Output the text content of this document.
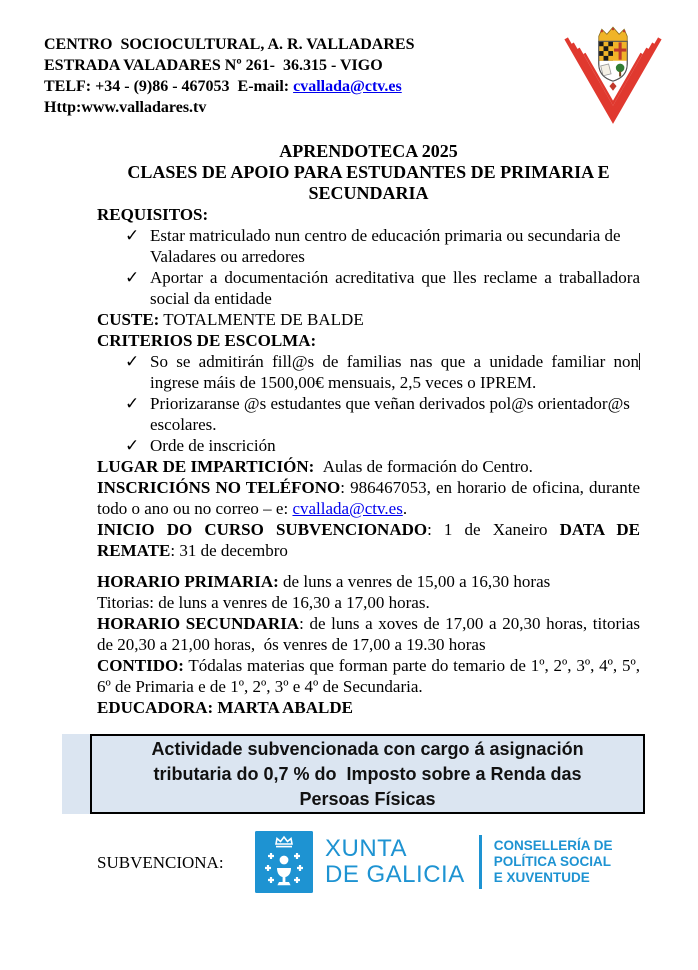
CENTRO  SOCIOCULTURAL, A. R. VALLADARES
ESTRADA VALADARES Nº 261-  36.315 - VIGO
TELF: +34 - (9)86 - 467053  E-mail: cvallada@ctv.es
Http:www.valladares.tv

APRENDOTECA 2025

CLASES DE APOIO PARA ESTUDANTES DE PRIMARIA E SECUNDARIA

REQUISITOS:

✓ Estar matriculado nun centro de educación primaria ou secundaria de Valadares ou arredores
✓ Aportar a documentación acreditativa que lles reclame a traballadora social da entidade

CUSTE: TOTALMENTE DE BALDE

CRITERIOS DE ESCOLMA:

✓ So se admitirán fill@s de familias nas que a unidade familiar non ingrese máis de 1500,00€ mensuais, 2,5 veces o IPREM.
✓ Priorizaranse @s estudantes que veñan derivados pol@s orientador@s escolares.
✓ Orde de inscrición

LUGAR DE IMPARTICIÓN:  Aulas de formación do Centro.

INSCRICIÓNS NO TELÉFONO: 986467053, en horario de oficina, durante todo o ano ou no correo – e: cvallada@ctv.es.

INICIO DO CURSO SUBVENCIONADO: 1 de Xaneiro DATA DE REMATE: 31 de decembro

HORARIO PRIMARIA: de luns a venres de 15,00 a 16,30 horas

Titorias: de luns a venres de 16,30 a 17,00 horas.

HORARIO SECUNDARIA: de luns a xoves de 17,00 a 20,30 horas, titorias de 20,30 a 21,00 horas,  ós venres de 17,00 a 19.30 horas

CONTIDO: Tódalas materias que forman parte do temario de 1º, 2º, 3º, 4º, 5º, 6º de Primaria e de 1º, 2º, 3º e 4º de Secundaria.

EDUCADORA: MARTA ABALDE

Actividade subvencionada con cargo á asignación
tributaria do 0,7 % do  Imposto sobre a Renda das
Persoas Físicas
SUBVENCIONA:	XUNTA
DE GALICIA
CONSELLERÍA DE
POLÍTICA SOCIAL
E XUVENTUDE
